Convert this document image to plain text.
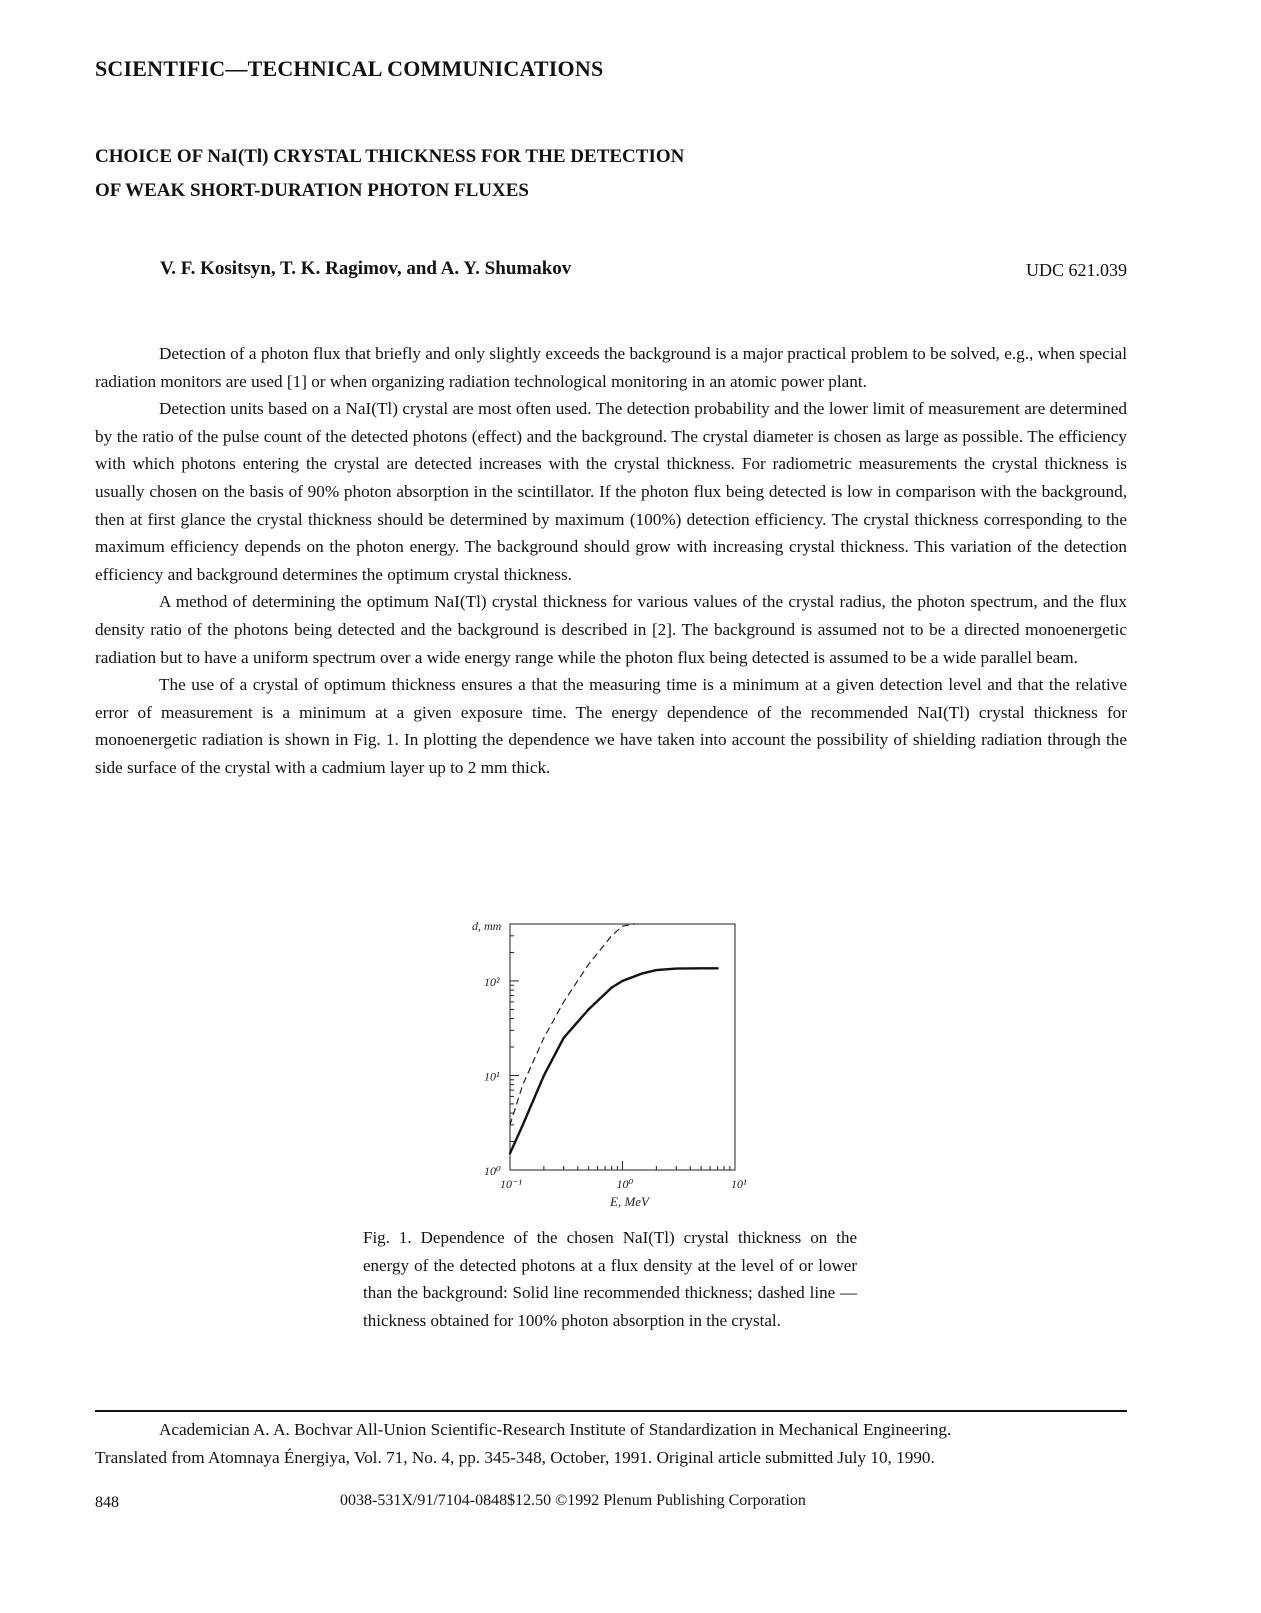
SCIENTIFIC—TECHNICAL COMMUNICATIONS
CHOICE OF NaI(Tl) CRYSTAL THICKNESS FOR THE DETECTION
OF WEAK SHORT-DURATION PHOTON FLUXES
V. F. Kositsyn, T. K. Ragimov, and A. Y. Shumakov	UDC 621.039

Detection of a photon flux that briefly and only slightly exceeds the background is a major practical problem to be solved, e.g., when special radiation monitors are used [1] or when organizing radiation technological monitoring in an atomic power plant.

Detection units based on a NaI(Tl) crystal are most often used. The detection probability and the lower limit of measurement are determined by the ratio of the pulse count of the detected photons (effect) and the background. The crystal diameter is chosen as large as possible. The efficiency with which photons entering the crystal are detected increases with the crystal thickness. For radiometric measurements the crystal thickness is usually chosen on the basis of 90% photon absorption in the scintillator. If the photon flux being detected is low in comparison with the background, then at first glance the crystal thickness should be determined by maximum (100%) detection efficiency. The crystal thickness corresponding to the maximum efficiency depends on the photon energy. The background should grow with increasing crystal thickness. This variation of the detection efficiency and background determines the optimum crystal thickness.

A method of determining the optimum NaI(Tl) crystal thickness for various values of the crystal radius, the photon spectrum, and the flux density ratio of the photons being detected and the background is described in [2]. The background is assumed not to be a directed monoenergetic radiation but to have a uniform spectrum over a wide energy range while the photon flux being detected is assumed to be a wide parallel beam.

The use of a crystal of optimum thickness ensures a that the measuring time is a minimum at a given detection level and that the relative error of measurement is a minimum at a given exposure time. The energy dependence of the recommended NaI(Tl) crystal thickness for monoenergetic radiation is shown in Fig. 1. In plotting the dependence we have taken into account the possibility of shielding radiation through the side surface of the crystal with a cadmium layer up to 2 mm thick.

10⁻¹	10⁰	10¹
10⁰
10¹
10²
E, MeV
d, mm
Fig. 1. Dependence of the chosen NaI(Tl) crystal thickness on the energy of the detected photons at a flux density at the level of or lower than the background: Solid line recommended thickness; dashed line — thickness obtained for 100% photon absorption in the crystal.

Academician A. A. Bochvar All-Union Scientific-Research Institute of Standardization in Mechanical Engineering.

Translated from Atomnaya Énergiya, Vol. 71, No. 4, pp. 345-348, October, 1991. Original article submitted July 10, 1990.
848	0038-531X/91/7104-0848$12.50 ©1992 Plenum Publishing Corporation
